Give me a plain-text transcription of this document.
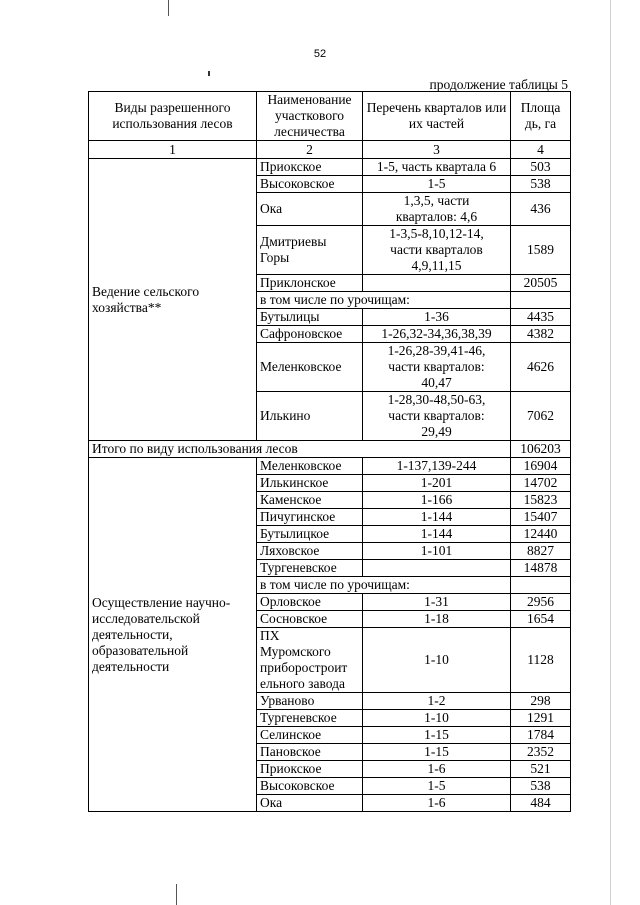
52
продолжение таблицы 5
Виды разрешенного использования лесов	Наименование участкового лесничества	Перечень кварталов или их частей	Площа
дь, га
1	2	3	4
Ведение сельского
хозяйства**	Приокское	1-5, часть квартала 6	503
	Высоковское	1-5	538
	Ока	1,3,5, части
кварталов: 4,6	436
	Дмитриевы
Горы	1-3,5-8,10,12-14,
части кварталов
4,9,11,15	1589
	Приклонское		20505
	в том числе по урочищам:		
	Бутылицы	1-36	4435
	Сафроновское	1-26,32-34,36,38,39	4382
	Меленковское	1-26,28-39,41-46,
части кварталов:
40,47	4626
	Илькино	1-28,30-48,50-63,
части кварталов:
29,49	7062
Итого по виду использования лесов			106203
Осуществление научно-
исследовательской
деятельности,
образовательной
деятельности	Меленковское	1-137,139-244	16904
	Илькинское	1-201	14702
	Каменское	1-166	15823
	Пичугинское	1-144	15407
	Бутылицкое	1-144	12440
	Ляховское	1-101	8827
	Тургеневское		14878
	в том числе по урочищам:		
	Орловское	1-31	2956
	Сосновское	1-18	1654
	ПХ
Муромского
приборостроит
ельного завода	1-10	1128
	Урваново	1-2	298
	Тургеневское	1-10	1291
	Селинское	1-15	1784
	Пановское	1-15	2352
	Приокское	1-6	521
	Высоковское	1-5	538
	Ока	1-6	484
